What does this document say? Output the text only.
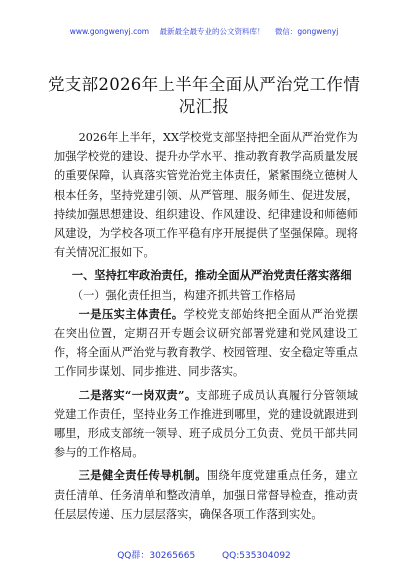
www.gongwenyj.com 最新最全最专业的公文资料库！ 微信：gongwenyj
党支部2026年上半年全面从严治党工作情况汇报

2026年上半年，XX学校党支部坚持把全面从严治党作为加强学校党的建设、提升办学水平、推动教育教学高质量发展的重要保障，认真落实管党治党主体责任，紧紧围绕立德树人根本任务，坚持党建引领、从严管理、服务师生、促进发展，持续加强思想建设、组织建设、作风建设、纪律建设和师德师风建设，为学校各项工作平稳有序开展提供了坚强保障。现将有关情况汇报如下。

一、坚持扛牢政治责任，推动全面从严治党责任落实落细

（一）强化责任担当，构建齐抓共管工作格局

一是压实主体责任。学校党支部始终把全面从严治党摆在突出位置，定期召开专题会议研究部署党建和党风建设工作，将全面从严治党与教育教学、校园管理、安全稳定等重点工作同步谋划、同步推进、同步落实。

二是落实“一岗双责”。支部班子成员认真履行分管领域党建工作责任，坚持业务工作推进到哪里，党的建设就跟进到哪里，形成支部统一领导、班子成员分工负责、党员干部共同参与的工作格局。

三是健全责任传导机制。围绕年度党建重点任务，建立责任清单、任务清单和整改清单，加强日常督导检查，推动责任层层传递、压力层层落实，确保各项工作落到实处。

QQ群：30265665	QQ:535304092
